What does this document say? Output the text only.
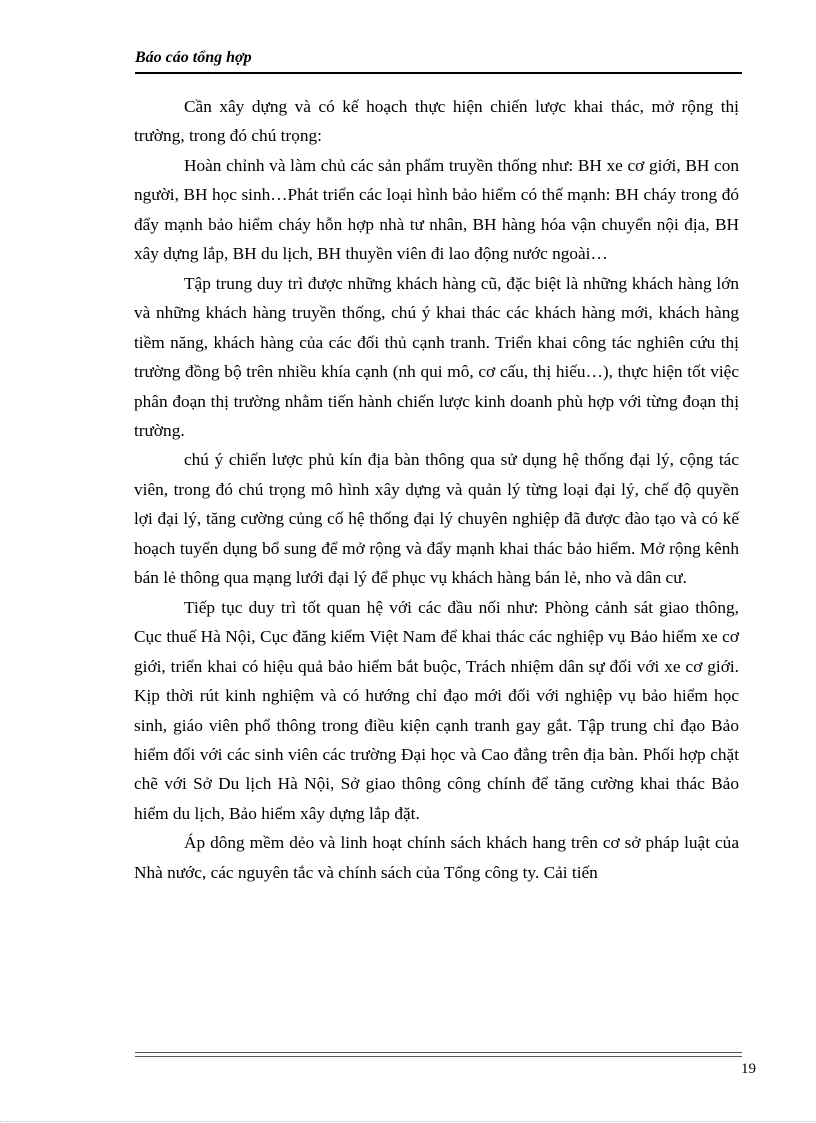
Báo cáo tổng hợp

Cần xây dựng và có kế hoạch thực hiện chiến lược khai thác, mở rộng thị trường, trong đó chú trọng:

Hoàn chỉnh và làm chủ các sản phẩm truyền thống như: BH xe cơ giới, BH con người, BH học sinh…Phát triển các loại hình bảo hiểm có thế mạnh: BH cháy trong đó đẩy mạnh bảo hiểm cháy hỗn hợp nhà tư nhân, BH hàng hóa vận chuyển nội địa, BH xây dựng lắp, BH du lịch, BH thuyền viên đi lao động nước ngoài…

Tập trung duy trì được những khách hàng cũ, đặc biệt là những khách hàng lớn và những khách hàng truyền thống, chú ý khai thác các khách hàng mới, khách hàng tiềm năng, khách hàng của các đối thủ cạnh tranh. Triển khai công tác nghiên cứu thị trường đồng bộ trên nhiều khía cạnh (nh qui mô, cơ cấu, thị hiếu…), thực hiện tốt việc phân đoạn thị trường nhằm tiến hành chiến lược kinh doanh phù hợp với từng đoạn thị trường.

chú ý chiến lược phủ kín địa bàn thông qua sử dụng hệ thống đại lý, cộng tác viên, trong đó chú trọng mô hình xây dựng và quản lý từng loại đại lý, chế độ quyền lợi đại lý, tăng cường củng cố hệ thống đại lý chuyên nghiệp đã được đào tạo và có kế hoạch tuyển dụng bổ sung để mở rộng và đẩy mạnh khai thác bảo hiểm. Mở rộng kênh bán lẻ thông qua mạng lưới đại lý để phục vụ khách hàng bán lẻ, nho và dân cư.

Tiếp tục duy trì tốt quan hệ với các đầu nối như: Phòng cảnh sát giao thông, Cục thuế Hà Nội, Cục đăng kiểm Việt Nam để khai thác các nghiệp vụ Bảo hiểm xe cơ giới, triển khai có hiệu quả bảo hiểm bắt buộc, Trách nhiệm dân sự đối với xe cơ giới. Kịp thời rút kinh nghiệm và có hướng chỉ đạo mới đối với nghiệp vụ bảo hiểm học sinh, giáo viên phổ thông trong điều kiện cạnh tranh gay gắt. Tập trung chỉ đạo Bảo hiểm đối với các sinh viên các trường Đại học và Cao đẳng trên địa bàn. Phối hợp chặt chẽ với Sở Du lịch Hà Nội, Sở giao thông công chính để tăng cường khai thác Bảo hiểm du lịch, Bảo hiểm xây dựng lắp đặt.

Áp dông mềm dẻo và linh hoạt chính sách khách hang trên cơ sở pháp luật của Nhà nước, các nguyên tắc và chính sách của Tổng công ty. Cải tiến

19
